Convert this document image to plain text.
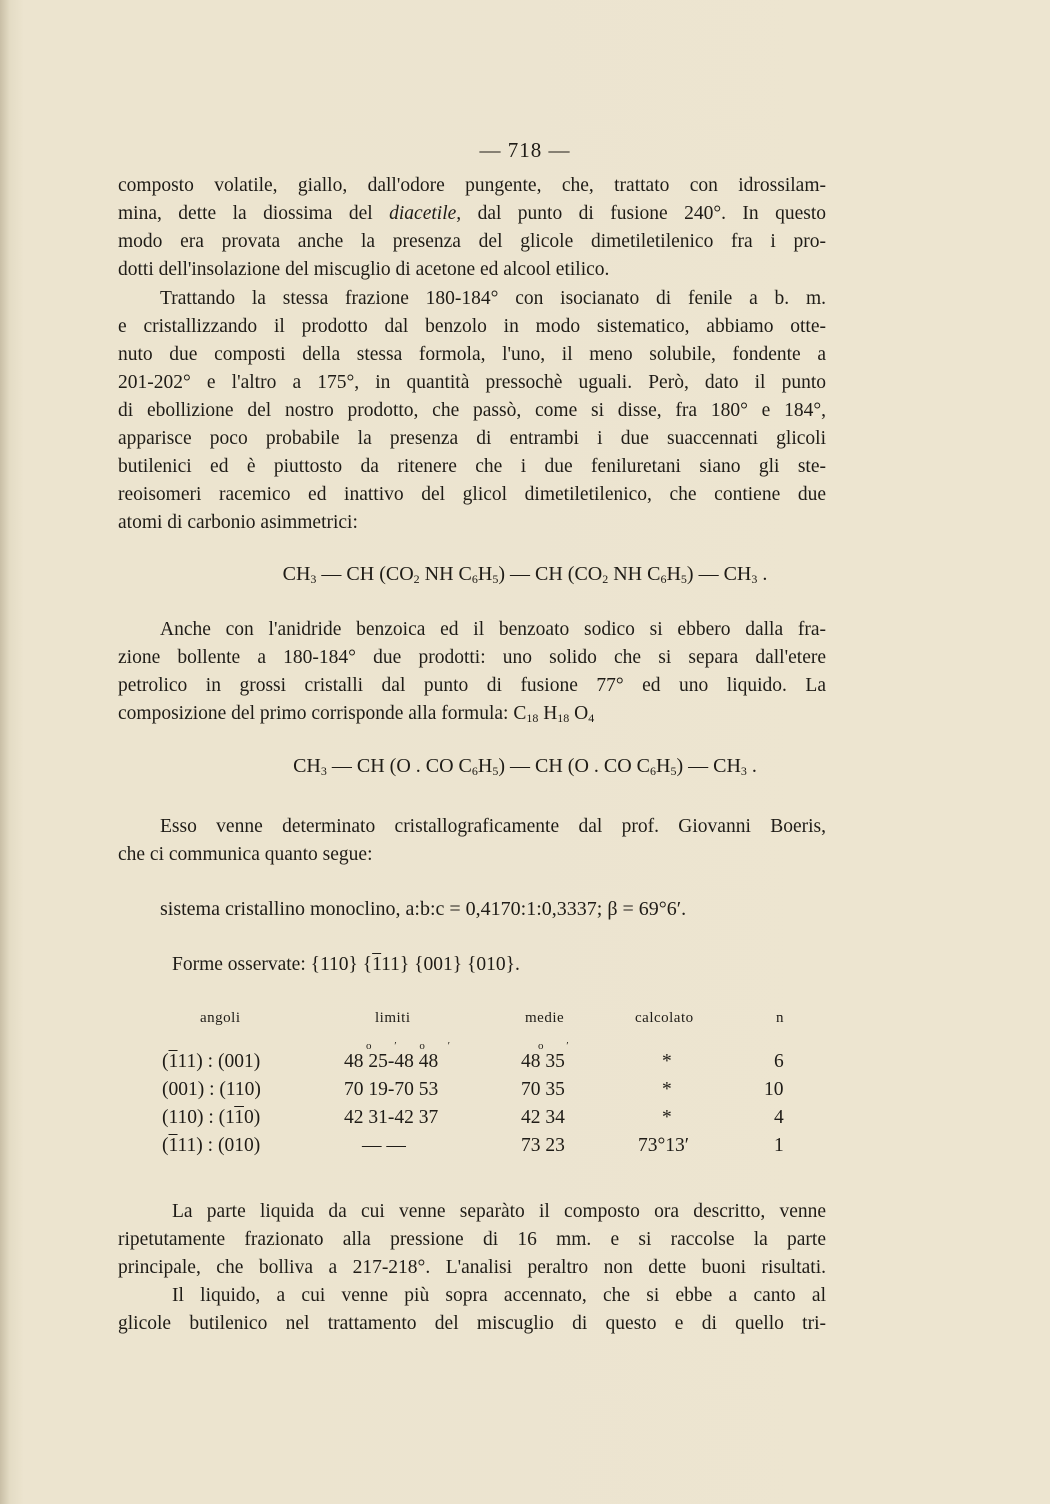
— 718 —
composto volatile, giallo, dall'odore pungente, che, trattato con idrossilam-
mina, dette la diossima del diacetile, dal punto di fusione 240°. In questo
modo era provata anche la presenza del glicole dimetiletilenico fra i pro-
dotti dell'insolazione del miscuglio di acetone ed alcool etilico.
Trattando la stessa frazione 180-184° con isocianato di fenile a b. m.
e cristallizzando il prodotto dal benzolo in modo sistematico, abbiamo otte-
nuto due composti della stessa formola, l'uno, il meno solubile, fondente a
201-202° e l'altro a 175°, in quantità pressochè uguali. Però, dato il punto
di ebollizione del nostro prodotto, che passò, come si disse, fra 180° e 184°,
apparisce poco probabile la presenza di entrambi i due suaccennati glicoli
butilenici ed è piuttosto da ritenere che i due feniluretani siano gli ste-
reoisomeri racemico ed inattivo del glicol dimetiletilenico, che contiene due
atomi di carbonio asimmetrici:
$CH_3$ — CH ($CO_2$ NH $C_6H_5$) — CH ($CO_2$ NH $C_6H_5$) — $CH_3$ .
Anche con l'anidride benzoica ed il benzoato sodico si ebbero dalla fra-
zione bollente a 180-184° due prodotti: uno solido che si separa dall'etere
petrolico in grossi cristalli dal punto di fusione 77° ed uno liquido. La
composizione del primo corrisponde alla formula: $C_{18}$ $H_{18}$ $O_4$
$CH_3$ — CH (O . CO $C_6H_5$) — CH (O . CO $C_6H_5$) — $CH_3$ .
Esso venne determinato cristallograficamente dal prof. Giovanni Boeris,
che ci communica quanto segue:
sistema cristallino monoclino, a:b:c = 0,4170:1:0,3337; β = 69°6′.
Forme osservate: {110} {111} {001} {010}.
angoli	limiti	medie	calcolato	n
o ʹ o ʹ	o ʹ
(111) : (001)	48 25-48 48	48 35	*	6
(001) : (110)	70 19-70 53	70 35	*	10
(110) : (110)	42 31-42 37	42 34	*	4
(111) : (010)	— —	73 23	73°13′	1
La parte liquida da cui venne separàto il composto ora descritto, venne
ripetutamente frazionato alla pressione di 16 mm. e si raccolse la parte
principale, che bolliva a 217-218°. L'analisi peraltro non dette buoni risultati.
Il liquido, a cui venne più sopra accennato, che si ebbe a canto al
glicole butilenico nel trattamento del miscuglio di questo e di quello tri-
